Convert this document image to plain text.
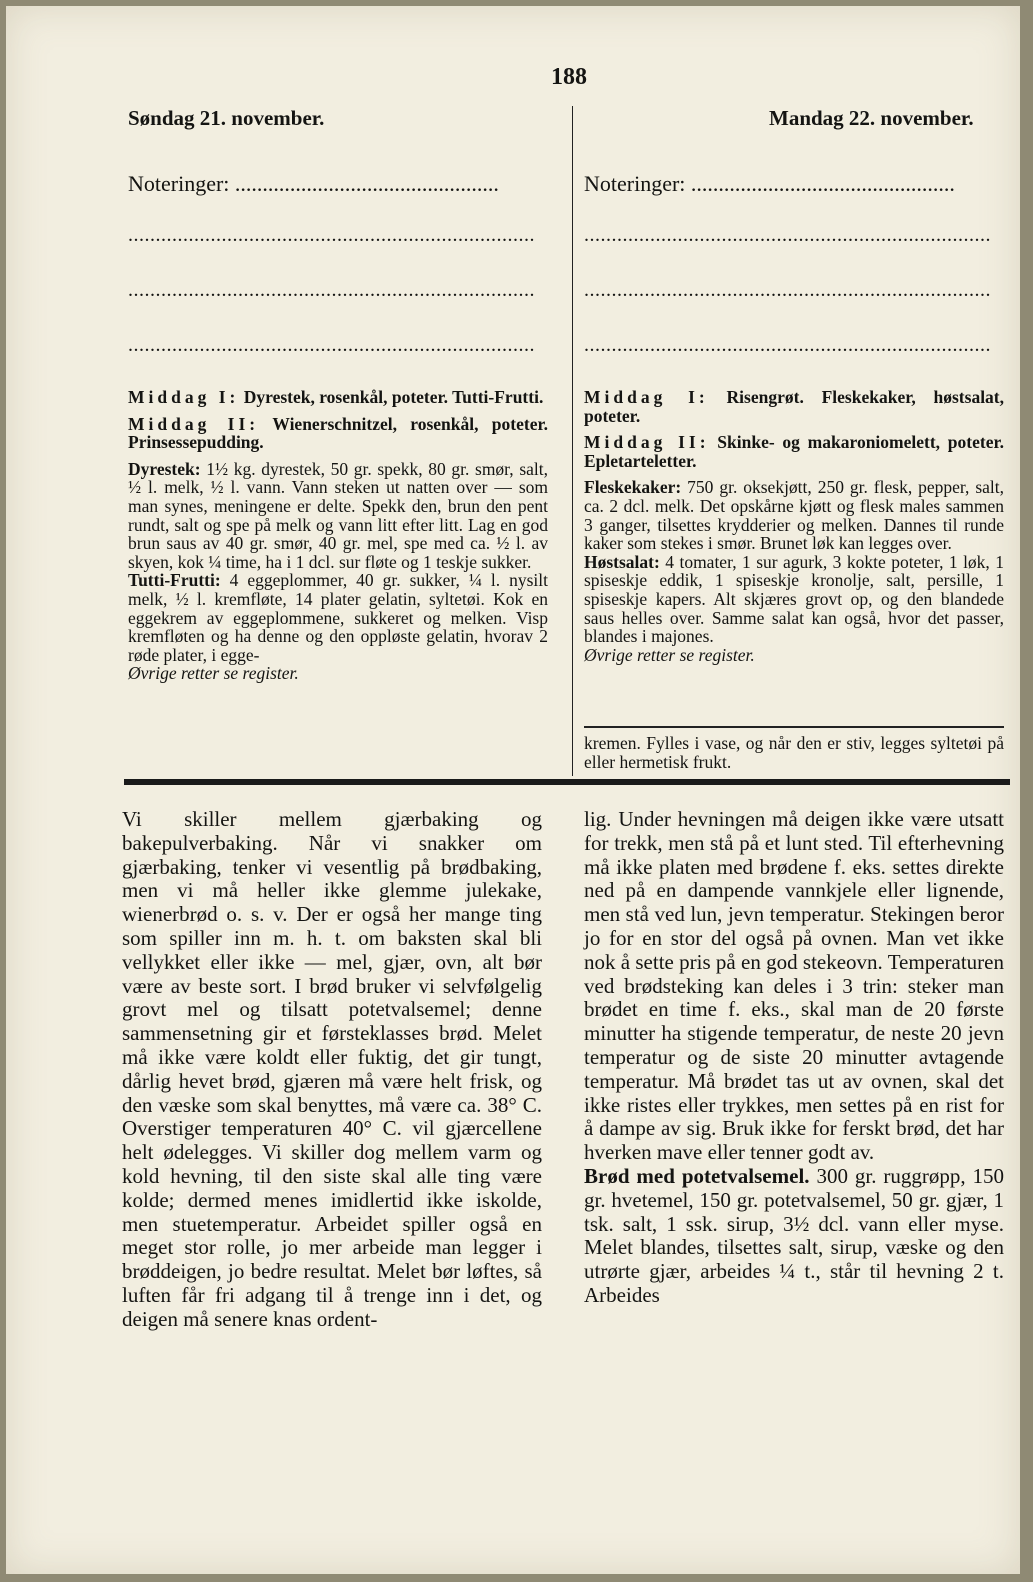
188
Søndag 21. november.
Noteringer: ................................................
..........................................................................
..........................................................................
..........................................................................

Middag I: Dyrestek, rosenkål, poteter. Tutti-Frutti.

Middag II: Wienerschnitzel, rosenkål, poteter. Prinsessepudding.

Dyrestek: 1½ kg. dyrestek, 50 gr. spekk, 80 gr. smør, salt, ½ l. melk, ½ l. vann. Vann steken ut natten over — som man synes, meningene er delte. Spekk den, brun den pent rundt, salt og spe på melk og vann litt efter litt. Lag en god brun saus av 40 gr. smør, 40 gr. mel, spe med ca. ½ l. av skyen, kok ¼ time, ha i 1 dcl. sur fløte og 1 teskje sukker.

Tutti-Frutti: 4 eggeplommer, 40 gr. sukker, ¼ l. nysilt melk, ½ l. kremfløte, 14 plater gelatin, syltetøi. Kok en eggekrem av eggeplommene, sukkeret og melken. Visp kremfløten og ha denne og den oppløste gelatin, hvorav 2 røde plater, i egge-

Øvrige retter se register.

Mandag 22. november.
Noteringer: ................................................
..........................................................................
..........................................................................
..........................................................................

Middag I: Risengrøt. Fleskekaker, høstsalat, poteter.

Middag II: Skinke- og makaroniomelett, poteter. Epletarteletter.

Fleskekaker: 750 gr. oksekjøtt, 250 gr. flesk, pepper, salt, ca. 2 dcl. melk. Det opskårne kjøtt og flesk males sammen 3 ganger, tilsettes krydderier og melken. Dannes til runde kaker som stekes i smør. Brunet løk kan legges over.

Høstsalat: 4 tomater, 1 sur agurk, 3 kokte poteter, 1 løk, 1 spiseskje eddik, 1 spiseskje kronolje, salt, persille, 1 spiseskje kapers. Alt skjæres grovt op, og den blandede saus helles over. Samme salat kan også, hvor det passer, blandes i majones.

Øvrige retter se register.

kremen. Fylles i vase, og når den er stiv, legges syltetøi på eller hermetisk frukt.

Vi skiller mellem gjærbaking og bakepulverbaking. Når vi snakker om gjærbaking, tenker vi vesentlig på brødbaking, men vi må heller ikke glemme julekake, wienerbrød o. s. v. Der er også her mange ting som spiller inn m. h. t. om baksten skal bli vellykket eller ikke — mel, gjær, ovn, alt bør være av beste sort. I brød bruker vi selvfølgelig grovt mel og tilsatt potetvalsemel; denne sammensetning gir et førsteklasses brød. Melet må ikke være koldt eller fuktig, det gir tungt, dårlig hevet brød, gjæren må være helt frisk, og den væske som skal benyttes, må være ca. 38° C. Overstiger temperaturen 40° C. vil gjærcellene helt ødelegges. Vi skiller dog mellem varm og kold hevning, til den siste skal alle ting være kolde; dermed menes imidlertid ikke iskolde, men stuetemperatur. Arbeidet spiller også en meget stor rolle, jo mer arbeide man legger i brøddeigen, jo bedre resultat. Melet bør løftes, så luften får fri adgang til å trenge inn i det, og deigen må senere knas ordent-

lig. Under hevningen må deigen ikke være utsatt for trekk, men stå på et lunt sted. Til efterhevning må ikke platen med brødene f. eks. settes direkte ned på en dampende vannkjele eller lignende, men stå ved lun, jevn temperatur. Stekingen beror jo for en stor del også på ovnen. Man vet ikke nok å sette pris på en god stekeovn. Temperaturen ved brødsteking kan deles i 3 trin: steker man brødet en time f. eks., skal man de 20 første minutter ha stigende temperatur, de neste 20 jevn temperatur og de siste 20 minutter avtagende temperatur. Må brødet tas ut av ovnen, skal det ikke ristes eller trykkes, men settes på en rist for å dampe av sig. Bruk ikke for ferskt brød, det har hverken mave eller tenner godt av.

Brød med potetvalsemel. 300 gr. ruggrøpp, 150 gr. hvetemel, 150 gr. potetvalsemel, 50 gr. gjær, 1 tsk. salt, 1 ssk. sirup, 3½ dcl. vann eller myse. Melet blandes, tilsettes salt, sirup, væske og den utrørte gjær, arbeides ¼ t., står til hevning 2 t. Arbeides
